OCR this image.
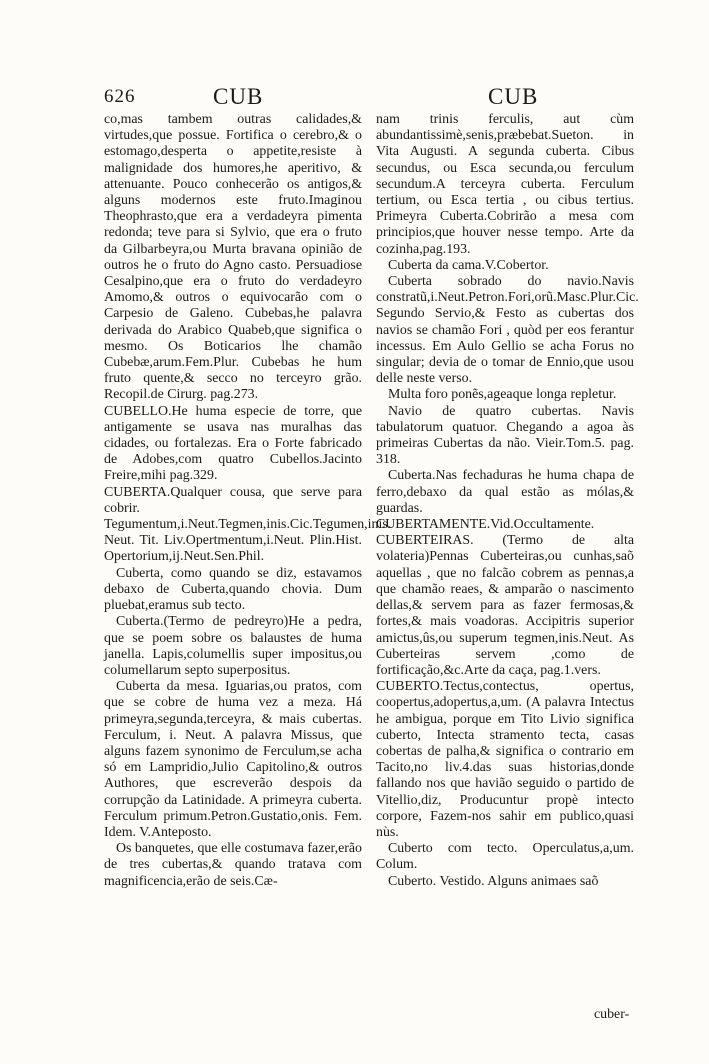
626	CUB	CUB

co,mas tambem outras calidades,& virtudes,que possue. Fortifica o cerebro,& o estomago,desperta o appetite,resiste à malignidade dos humores,he aperitivo, & attenuante. Pouco conhecerão os antigos,& alguns modernos este fruto.Imaginou Theophrasto,que era a verdadeyra pimenta redonda; teve para si Sylvio, que era o fruto da Gilbarbeyra,ou Murta bravana opinião de outros he o fruto do Agno casto. Persuadiose Cesalpino,que era o fruto do verdadeyro Amomo,& outros o equivocarão com o Carpesio de Galeno. Cubebas,he palavra derivada do Arabico Quabeb,que significa o mesmo. Os Boticarios lhe chamão Cubebæ,arum.Fem.Plur. Cubebas he hum fruto quente,& secco no terceyro grão. Recopil.de Cirurg. pag.273.

CUBELLO.He huma especie de torre, que antigamente se usava nas muralhas das cidades, ou fortalezas. Era o Forte fabricado de Adobes,com quatro Cubellos.Jacinto Freire,mihi pag.329.

CUBERTA.Qualquer cousa, que serve para cobrir. Tegumentum,i.Neut.Tegmen,inis.Cic.Tegumen,inis. Neut. Tit. Liv.Opertmentum,i.Neut. Plin.Hist. Opertorium,ij.Neut.Sen.Phil.

Cuberta, como quando se diz, estavamos debaxo de Cuberta,quando chovia. Dum pluebat,eramus sub tecto.

Cuberta.(Termo de pedreyro)He a pedra, que se poem sobre os balaustes de huma janella. Lapis,columellis super impositus,ou columellarum septo superpositus.

Cuberta da mesa. Iguarias,ou pratos, com que se cobre de huma vez a meza. Há primeyra,segunda,terceyra, & mais cubertas. Ferculum, i. Neut. A palavra Missus, que alguns fazem synonimo de Ferculum,se acha só em Lampridio,Julio Capitolino,& outros Authores, que escreverão despois da corrupção da Latinidade. A primeyra cuberta. Ferculum primum.Petron.Gustatio,onis. Fem. Idem. V.Anteposto.

Os banquetes, que elle costumava fazer,erão de tres cubertas,& quando tratava com magnificencia,erão de seis.Cæ-

nam trinis ferculis, aut cùm abundantissimè,senis,præbebat.Sueton. in Vita Augusti. A segunda cuberta. Cibus secundus, ou Esca secunda,ou ferculum secundum.A terceyra cuberta. Ferculum tertium, ou Esca tertia , ou cibus tertius. Primeyra Cuberta.Cobrirão a mesa com principios,que houver nesse tempo. Arte da cozinha,pag.193.

Cuberta da cama.V.Cobertor.

Cuberta sobrado do navio.Navis constratũ,i.Neut.Petron.Fori,orũ.Masc.Plur.Cic. Segundo Servio,& Festo as cubertas dos navios se chamão Fori , quòd per eos ferantur incessus. Em Aulo Gellio se acha Forus no singular; devia de o tomar de Ennio,que usou delle neste verso.

Multa foro ponẽs,ageaque longa repletur.

Navio de quatro cubertas. Navis tabulatorum quatuor. Chegando a agoa às primeiras Cubertas da não. Vieir.Tom.5. pag. 318.

Cuberta.Nas fechaduras he huma chapa de ferro,debaxo da qual estão as mólas,& guardas.

CUBERTAMENTE.Vid.Occultamente.

CUBERTEIRAS. (Termo de alta volateria)Pennas Cuberteiras,ou cunhas,saõ aquellas , que no falcão cobrem as pennas,a que chamão reaes, & amparão o nascimento dellas,& servem para as fazer fermosas,& fortes,& mais voadoras. Accipitris superior amictus,ûs,ou superum tegmen,inis.Neut. As Cuberteiras servem ,como de fortificação,&c.Arte da caça, pag.1.vers.

CUBERTO.Tectus,contectus, opertus, coopertus,adopertus,a,um. (A palavra Intectus he ambigua, porque em Tito Livio significa cuberto, Intecta stramento tecta, casas cobertas de palha,& significa o contrario em Tacito,no liv.4.das suas historias,donde fallando nos que havião seguido o partido de Vitellio,diz, Producuntur propè intecto corpore, Fazem-nos sahir em publico,quasi nùs.

Cuberto com tecto. Operculatus,a,um. Colum.

Cuberto. Vestido. Alguns animaes saõ

cuber-
